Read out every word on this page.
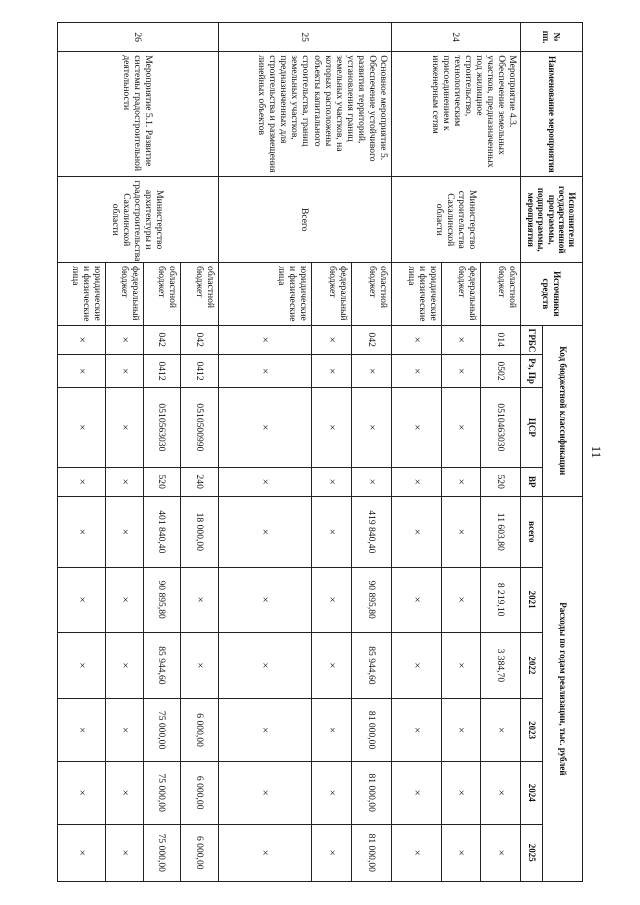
11
№ пп.	Наименование мероприятия	Исполнители государственной программы, подпрограммы, мероприятия	Источники средств	Код бюджетной классификации				Расходы по годам реализации, тыс. рублей					
				ГРБС	Рз, Пр	ЦСР	ВР	всего	2021	2022	2023	2024	2025
24	Мероприятие 4.3. Обеспечение земельных участков, предназначенных под жилищное строительство, технологическим присоединением к инженерным сетям	Министерство строительства Сахалинской области	областной бюджет	014	0502	0510463030	520	11 603,80	8 219,10	3 384,70	×	×	×
			федеральный бюджет	×	×	×	×	×	×	×	×	×	×
			юридические и физические лица	×	×	×	×	×	×	×	×	×	×
25	Основное мероприятие 5. Обеспечение устойчивого развития территорий, установления границ земельных участков, на которых расположены объекты капитального строительства, границ земельных участков, предназначенных для строительства и размещения линейных объектов	Всего	областной бюджет	042	×	×	×	419 840,40	90 895,80	85 944,60	81 000,00	81 000,00	81 000,00
			федеральный бюджет	×	×	×	×	×	×	×	×	×	×
			юридические и физические лица	×	×	×	×	×	×	×	×	×	×
26	Мероприятие 5.1. Развитие системы градостроительной деятельности	Министерство архитектуры и градостроительства Сахалинской области	областной бюджет	042	0412	0510500990	240	18 000,00	×	×	6 000,00	6 000,00	6 000,00
			областной бюджет	042	0412	0510563030	520	401 840,40	90 895,80	85 944,60	75 000,00	75 000,00	75 000,00
			федеральный бюджет	×	×	×	×	×	×	×	×	×	×
			юридические и физические лица	×	×	×	×	×	×	×	×	×	×
